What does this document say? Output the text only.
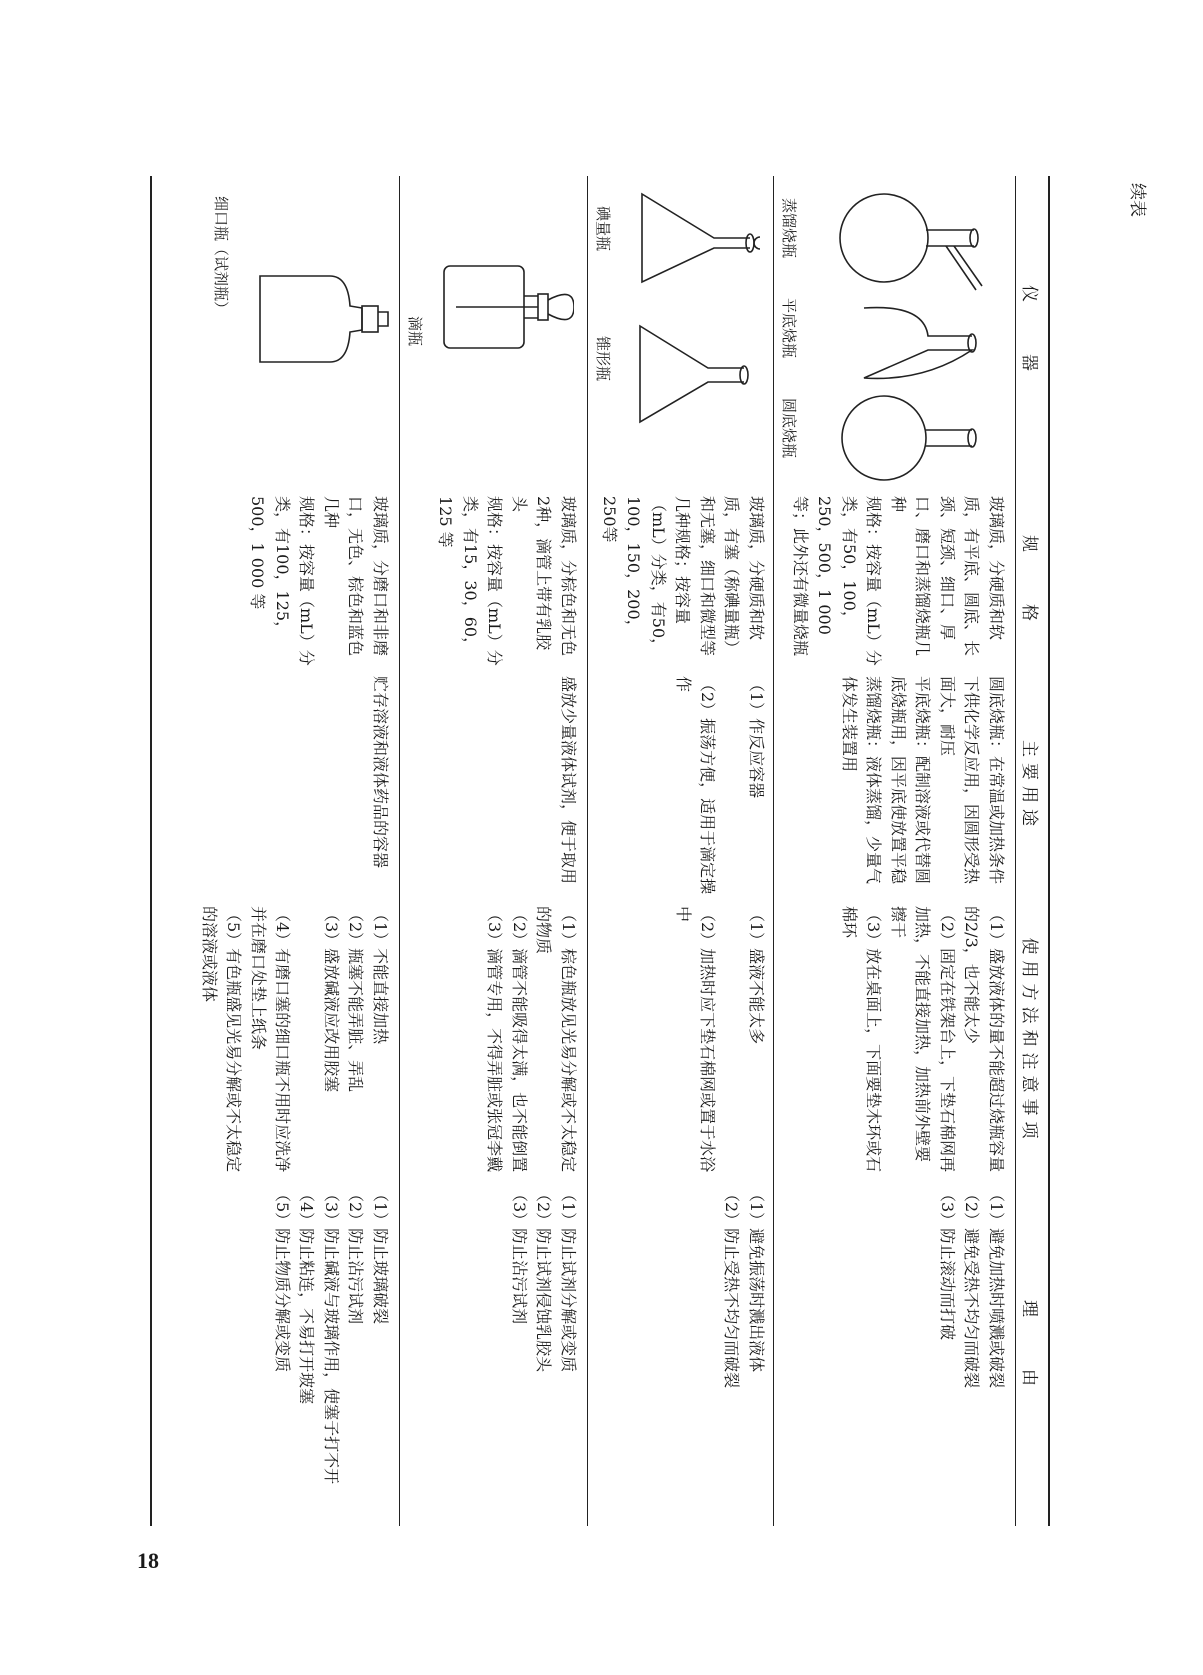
18
续表
仪　　器
规　　格
主要用途
使用方法和注意事项
理　　由
蒸馏烧瓶
平底烧瓶
圆底烧瓶

玻璃质，分硬质和软质，有平底、圆底、长颈、短颈、细口、厚口、磨口和蒸馏烧瓶几种

规格：按容量（mL）分类，有50，100，250，500，1 000 等；此外还有微量烧瓶

圆底烧瓶：在常温或加热条件下供化学反应用，因圆形受热面大，耐压

平底烧瓶：配制溶液或代替圆底烧瓶用，因平底使放置平稳

蒸馏烧瓶：液体蒸馏，少量气体发生装置用

（1）盛放液体的量不能超过烧瓶容量的2/3，也不能太少

（2）固定在铁架台上，下垫石棉网再加热，不能直接加热，加热前外壁要擦干

（3）放在桌面上，下面要垫木环或石棉环

（1）避免加热时喷溅或破裂

（2）避免受热不均匀而破裂

（3）防止滚动而打破

碘量瓶
锥形瓶

玻璃质，分硬质和软质，有塞（称碘量瓶）和无塞，细口和微型等几种规格；按容量（mL）分类，有50，100，150，200，250等

（1）作反应容器

（2）振荡方便，适用于滴定操作

（1）盛液不能太多

（2）加热时应下垫石棉网或置于水浴中

（1）避免振荡时溅出液体

（2）防止受热不均匀而破裂

滴瓶

玻璃质，分棕色和无色2种，滴管上带有乳胶头

规格：按容量（mL）分类，有15，30，60，125 等

盛放少量液体试剂，便于取用

（1）棕色瓶放见光易分解或不太稳定的物质

（2）滴管不能吸得太满，也不能倒置

（3）滴管专用，不得弄脏或张冠李戴

（1）防止试剂分解或变质

（2）防止试剂侵蚀乳胶头

（3）防止沾污试剂

细口瓶（试剂瓶）

玻璃质，分磨口和非磨口，无色、棕色和蓝色几种

规格：按容量（mL）分类，有100，125，500，1 000 等

贮存溶液和液体药品的容器

（1）不能直接加热

（2）瓶塞不能弄脏、弄乱

（3）盛放碱液应改用胶塞

（4）有磨口塞的细口瓶不用时应洗净并在磨口处垫上纸条

（5）有色瓶盛见光易分解或不太稳定的溶液或液体

（1）防止玻璃破裂

（2）防止沾污试剂

（3）防止碱液与玻璃作用，使塞子打不开

（4）防止粘连，不易打开玻塞

（5）防止物质分解或变质
